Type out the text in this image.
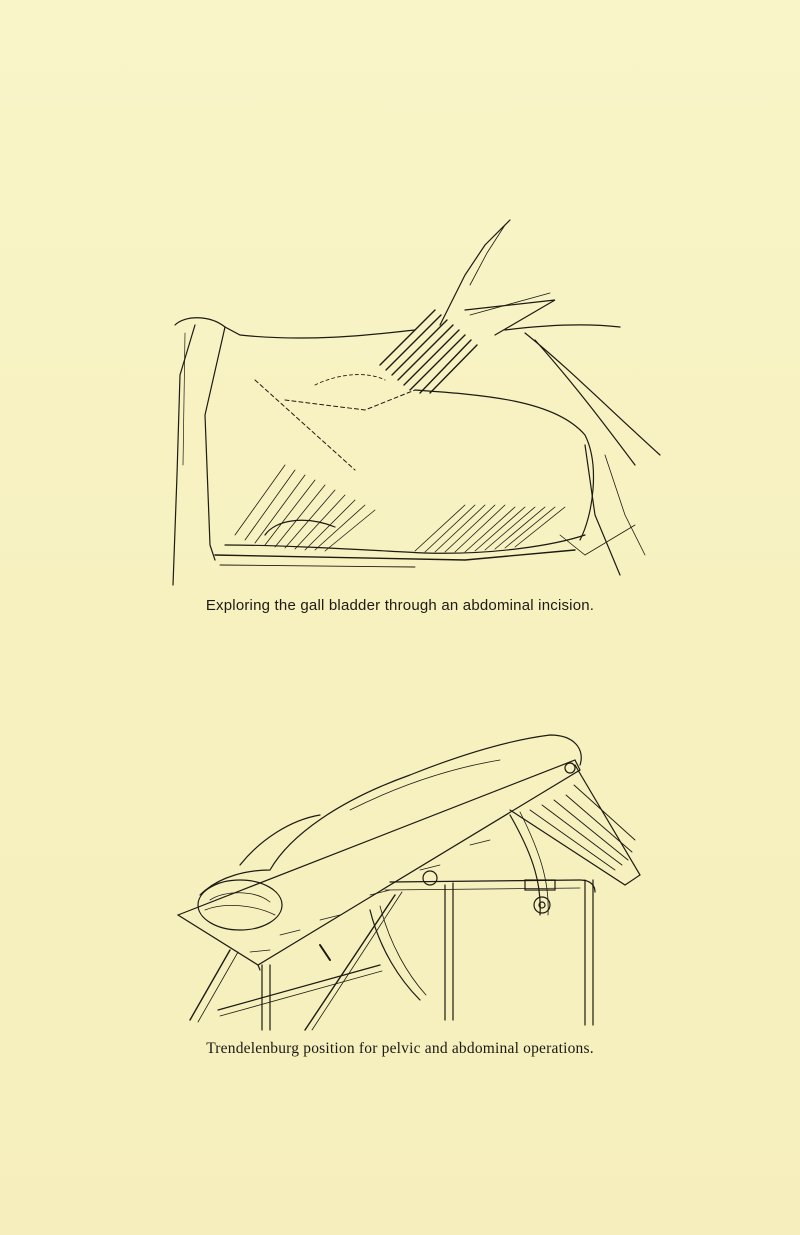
Exploring the gall bladder through an abdominal incision.
Trendelenburg position for pelvic and abdominal operations.
